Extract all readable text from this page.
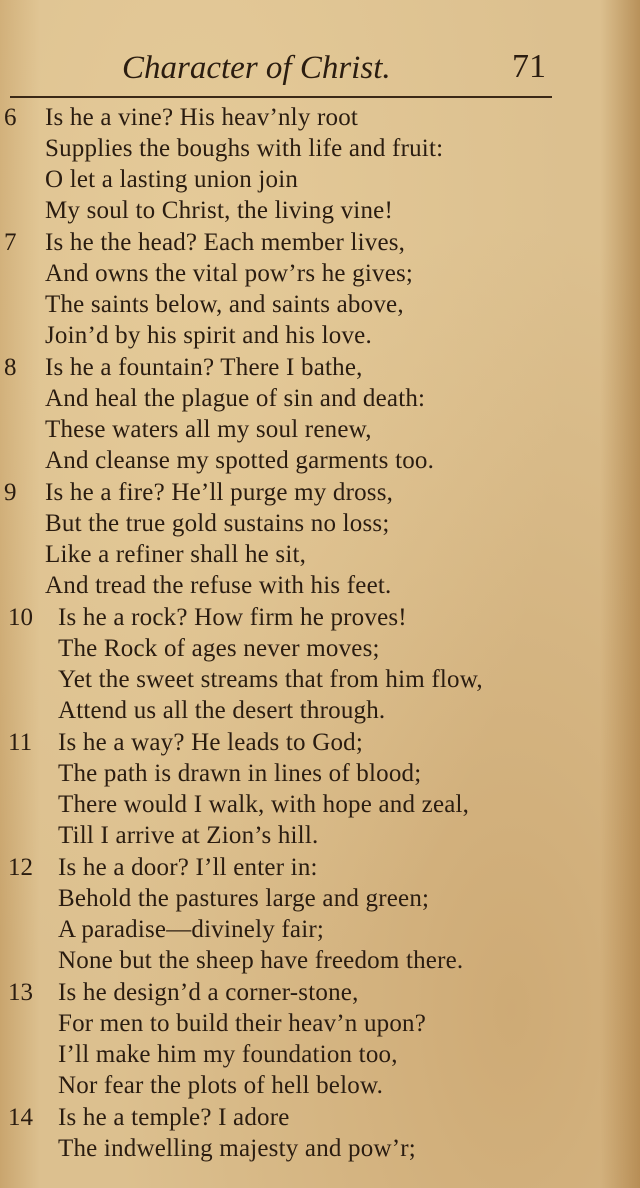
Character of Christ.	71
6	Is he a vine? His heav’nly root
Supplies the boughs with life and fruit:
O let a lasting union join
My soul to Christ, the living vine!
7	Is he the head? Each member lives,
And owns the vital pow’rs he gives;
The saints below, and saints above,
Join’d by his spirit and his love.
8	Is he a fountain? There I bathe,
And heal the plague of sin and death:
These waters all my soul renew,
And cleanse my spotted garments too.
9	Is he a fire? He’ll purge my dross,
But the true gold sustains no loss;
Like a refiner shall he sit,
And tread the refuse with his feet.
10	Is he a rock? How firm he proves!
The Rock of ages never moves;
Yet the sweet streams that from him flow,
Attend us all the desert through.
11	Is he a way? He leads to God;
The path is drawn in lines of blood;
There would I walk, with hope and zeal,
Till I arrive at Zion’s hill.
12	Is he a door? I’ll enter in:
Behold the pastures large and green;
A paradise—divinely fair;
None but the sheep have freedom there.
13	Is he design’d a corner-stone,
For men to build their heav’n upon?
I’ll make him my foundation too,
Nor fear the plots of hell below.
14	Is he a temple? I adore
The indwelling majesty and pow’r;
